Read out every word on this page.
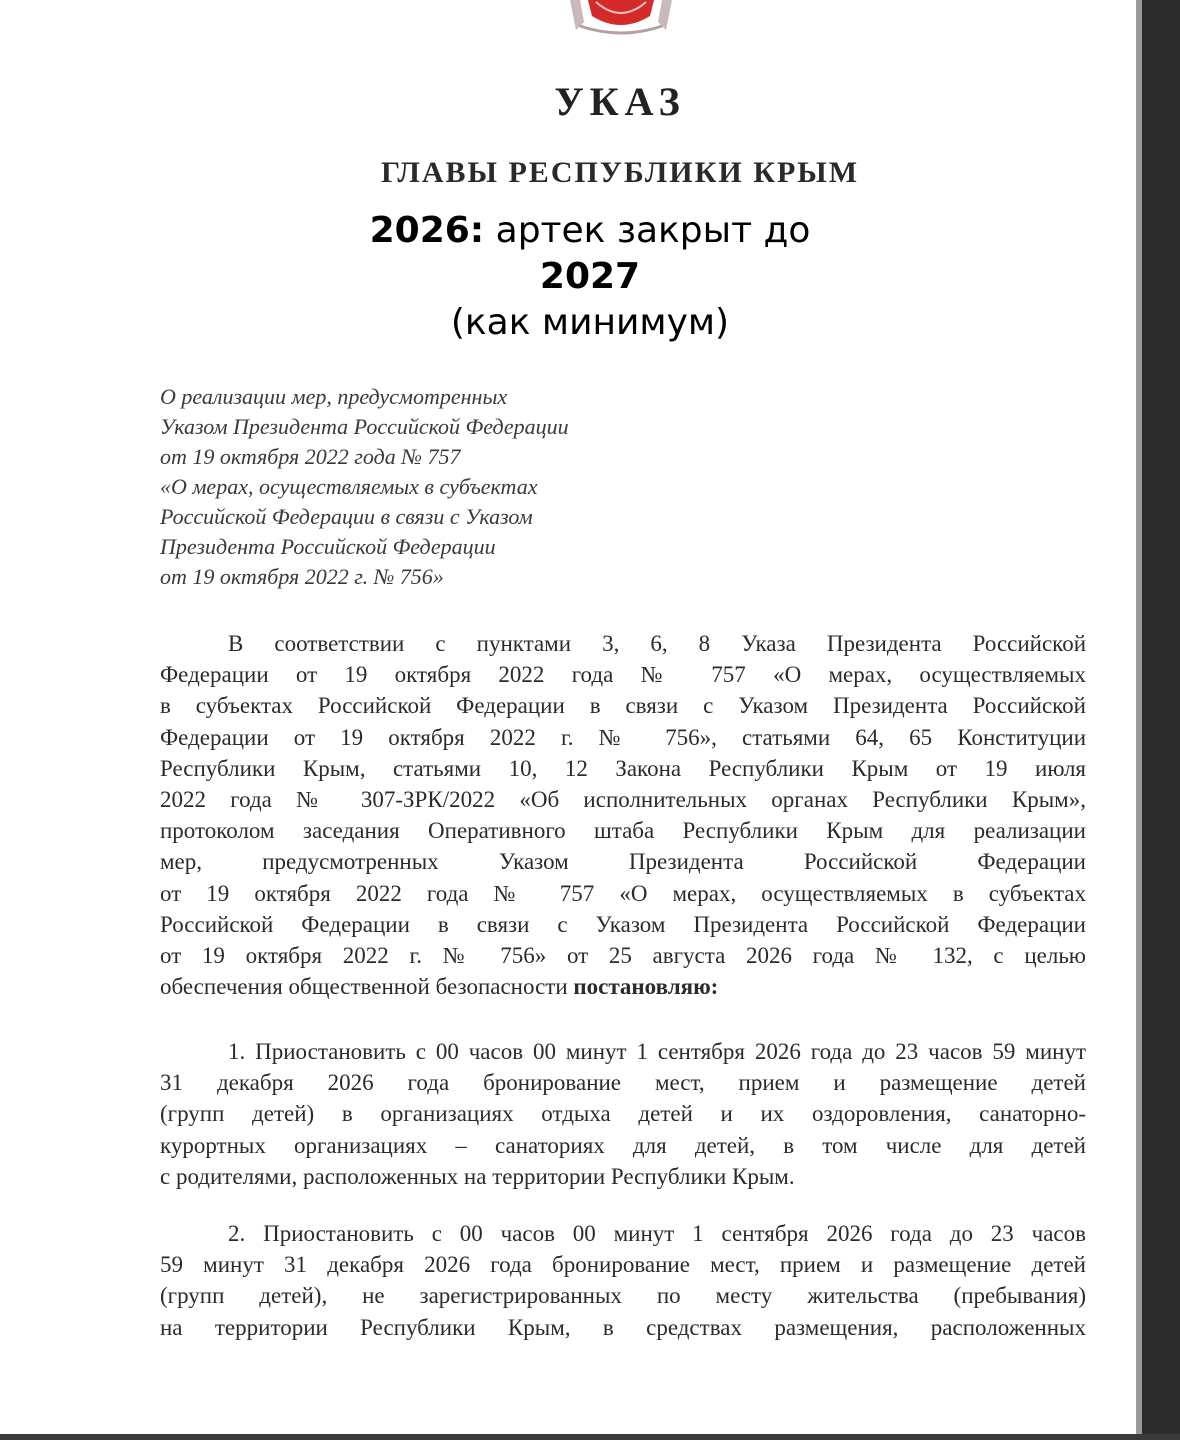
УКАЗ
ГЛАВЫ РЕСПУБЛИКИ КРЫМ
2026: артек закрыт до
2027
(как минимум)
О реализации мер, предусмотренных
Указом Президента Российской Федерации
от 19 октября 2022 года № 757
«О мерах, осуществляемых в субъектах
Российской Федерации в связи с Указом
Президента Российской Федерации
от 19 октября 2022 г. № 756»
В соответствии с пунктами 3, 6, 8 Указа Президента Российской
Федерации от 19 октября 2022 года № 757 «О мерах, осуществляемых
в субъектах Российской Федерации в связи с Указом Президента Российской
Федерации от 19 октября 2022 г. № 756», статьями 64, 65 Конституции
Республики Крым, статьями 10, 12 Закона Республики Крым от 19 июля
2022 года № 307-ЗРК/2022 «Об исполнительных органах Республики Крым»,
протоколом заседания Оперативного штаба Республики Крым для реализации
мер, предусмотренных Указом Президента Российской Федерации
от 19 октября 2022 года № 757 «О мерах, осуществляемых в субъектах
Российской Федерации в связи с Указом Президента Российской Федерации
от 19 октября 2022 г. № 756» от 25 августа 2026 года № 132, с целью
обеспечения общественной безопасности постановляю:
1. Приостановить с 00 часов 00 минут 1 сентября 2026 года до 23 часов 59 минут
31 декабря 2026 года бронирование мест, прием и размещение детей
(групп детей) в организациях отдыха детей и их оздоровления, санаторно-
курортных организациях – санаториях для детей, в том числе для детей
с родителями, расположенных на территории Республики Крым.
2. Приостановить с 00 часов 00 минут 1 сентября 2026 года до 23 часов
59 минут 31 декабря 2026 года бронирование мест, прием и размещение детей
(групп детей), не зарегистрированных по месту жительства (пребывания)
на территории Республики Крым, в средствах размещения, расположенных
